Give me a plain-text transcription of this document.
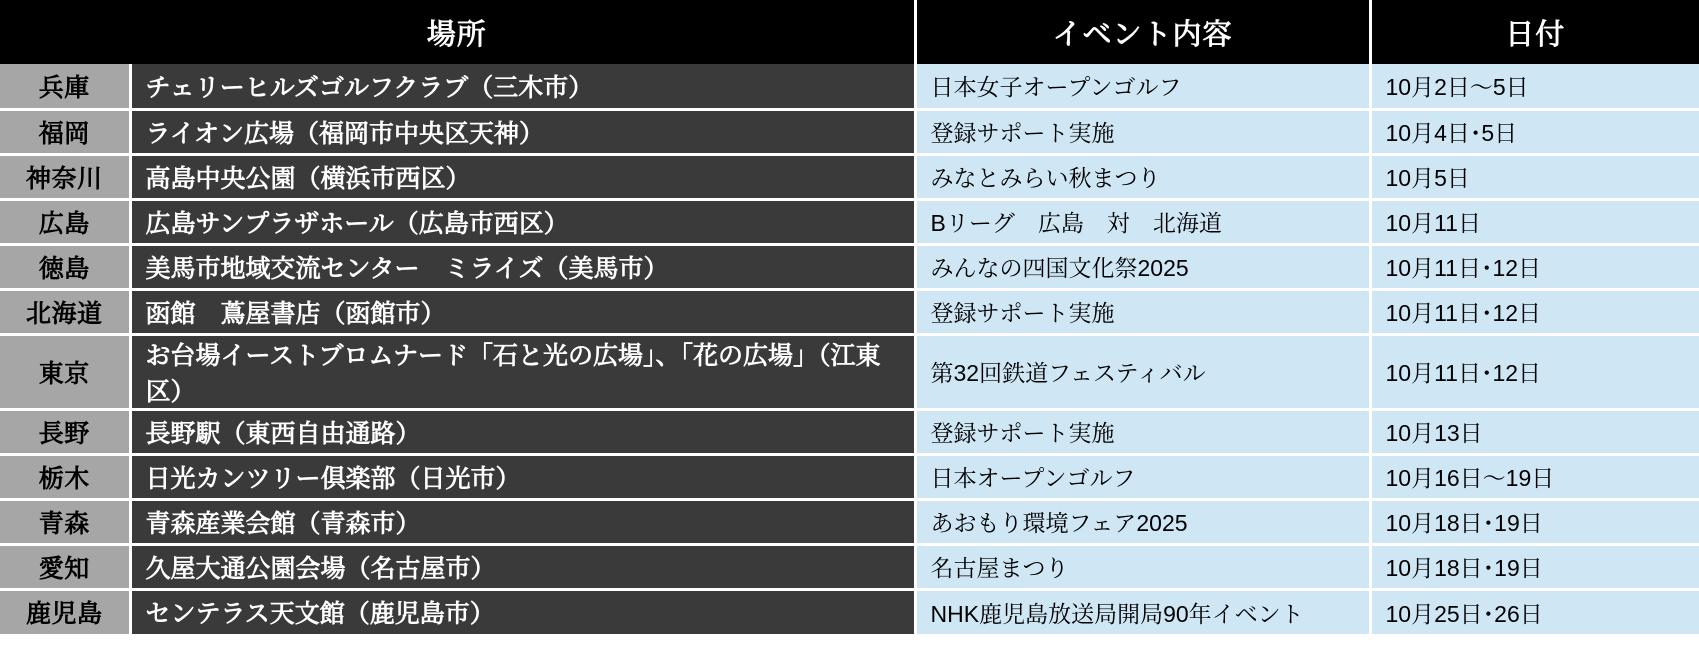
場所		イベント内容	日付
兵庫	チェリーヒルズゴルフクラブ（三木市）	日本女子オープンゴルフ	10月2日〜5日
福岡	ライオン広場（福岡市中央区天神）	登録サポート実施	10月4日･5日
神奈川	高島中央公園（横浜市西区）	みなとみらい秋まつり	10月5日
広島	広島サンプラザホール（広島市西区）	Bリーグ　広島　対　北海道	10月11日
徳島	美馬市地域交流センター　ミライズ（美馬市）	みんなの四国文化祭2025	10月11日･12日
北海道	函館　蔦屋書店（函館市）	登録サポート実施	10月11日･12日
東京	お台場イーストブロムナード「石と光の広場」、「花の広場」（江東区）	第32回鉄道フェスティバル	10月11日･12日
長野	長野駅（東西自由通路）	登録サポート実施	10月13日
栃木	日光カンツリー倶楽部（日光市）	日本オープンゴルフ	10月16日〜19日
青森	青森産業会館（青森市）	あおもり環境フェア2025	10月18日･19日
愛知	久屋大通公園会場（名古屋市）	名古屋まつり	10月18日･19日
鹿児島	センテラス天文館（鹿児島市）	NHK鹿児島放送局開局90年イベント	10月25日･26日
